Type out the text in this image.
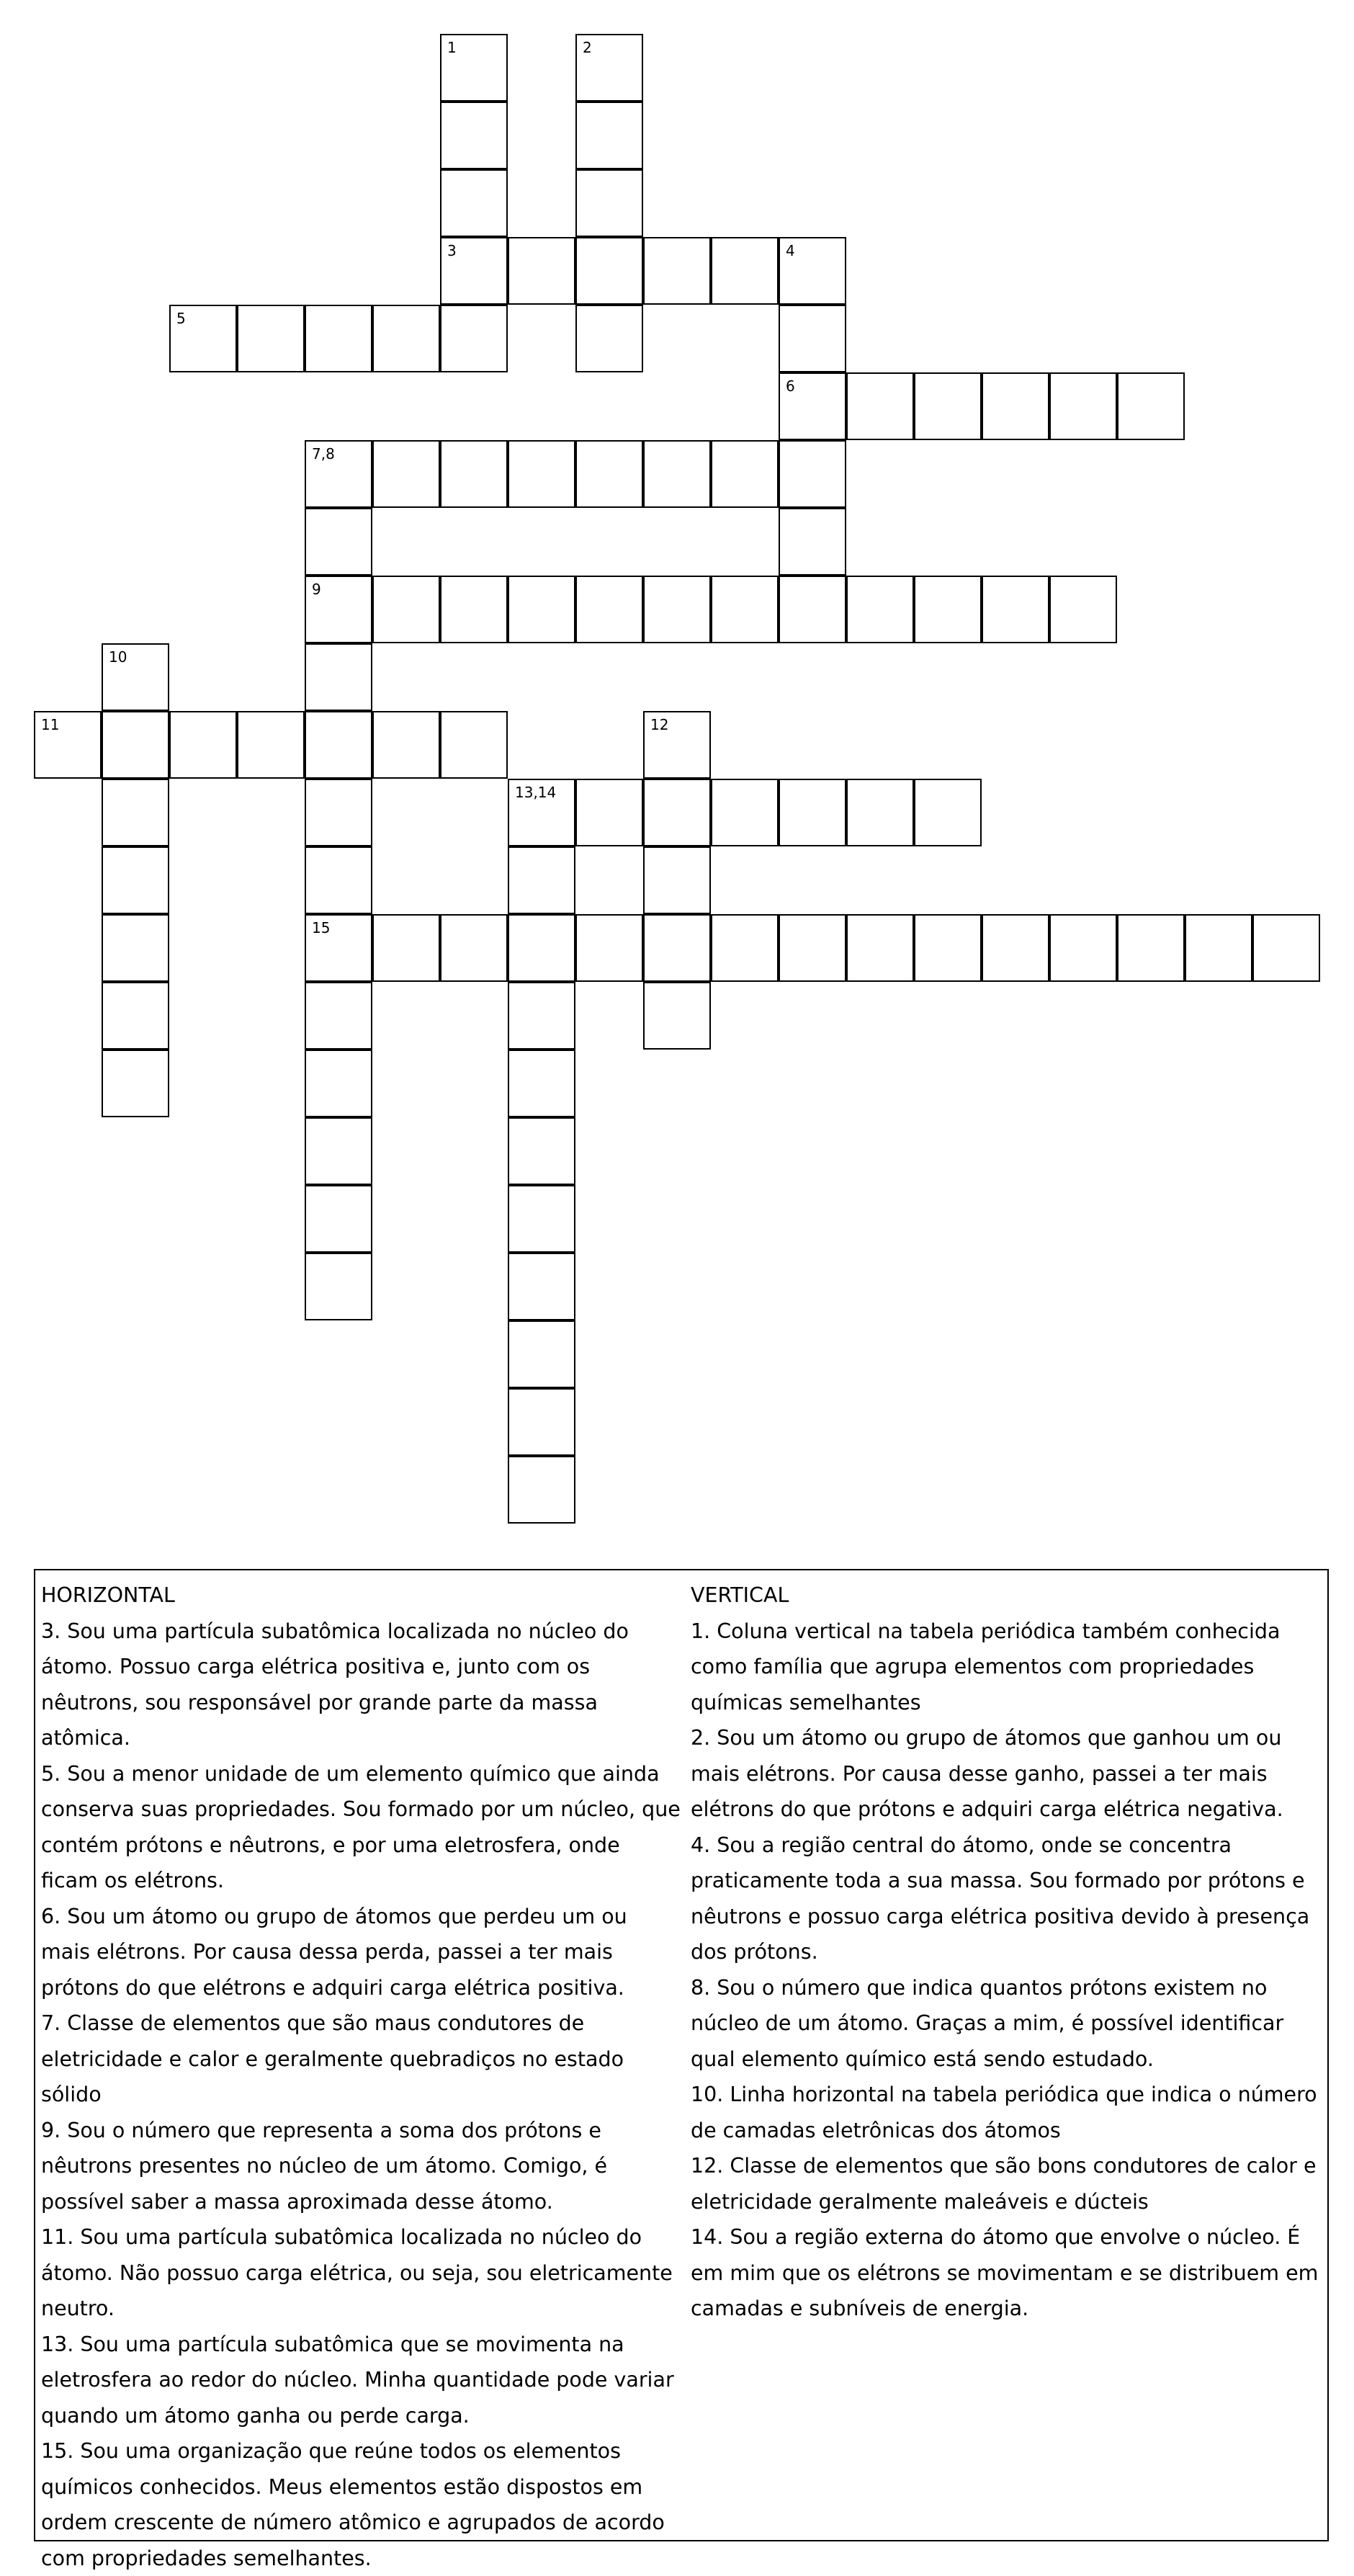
1	2
3	4
5
6
7,8
9
10
11	12
13,14
15
HORIZONTAL
3. Sou uma partícula subatômica localizada no núcleo do átomo. Possuo carga elétrica positiva e, junto com os nêutrons, sou responsável por grande parte da massa atômica.
5. Sou a menor unidade de um elemento químico que ainda conserva suas propriedades. Sou formado por um núcleo, que contém prótons e nêutrons, e por uma eletrosfera, onde ficam os elétrons.
6. Sou um átomo ou grupo de átomos que perdeu um ou mais elétrons. Por causa dessa perda, passei a ter mais prótons do que elétrons e adquiri carga elétrica positiva.
7. Classe de elementos que são maus condutores de eletricidade e calor e geralmente quebradiços no estado sólido
9. Sou o número que representa a soma dos prótons e nêutrons presentes no núcleo de um átomo. Comigo, é possível saber a massa aproximada desse átomo.
11. Sou uma partícula subatômica localizada no núcleo do átomo. Não possuo carga elétrica, ou seja, sou eletricamente neutro.
13. Sou uma partícula subatômica que se movimenta na eletrosfera ao redor do núcleo. Minha quantidade pode variar quando um átomo ganha ou perde carga.
15. Sou uma organização que reúne todos os elementos químicos conhecidos. Meus elementos estão dispostos em ordem crescente de número atômico e agrupados de acordo com propriedades semelhantes.
VERTICAL
1. Coluna vertical na tabela periódica também conhecida como família que agrupa elementos com propriedades químicas semelhantes
2. Sou um átomo ou grupo de átomos que ganhou um ou mais elétrons. Por causa desse ganho, passei a ter mais elétrons do que prótons e adquiri carga elétrica negativa.
4. Sou a região central do átomo, onde se concentra praticamente toda a sua massa. Sou formado por prótons e nêutrons e possuo carga elétrica positiva devido à presença dos prótons.
8. Sou o número que indica quantos prótons existem no núcleo de um átomo. Graças a mim, é possível identificar qual elemento químico está sendo estudado.
10. Linha horizontal na tabela periódica que indica o número de camadas eletrônicas dos átomos
12. Classe de elementos que são bons condutores de calor e eletricidade geralmente maleáveis e dúcteis
14. Sou a região externa do átomo que envolve o núcleo. É em mim que os elétrons se movimentam e se distribuem em camadas e subníveis de energia.
